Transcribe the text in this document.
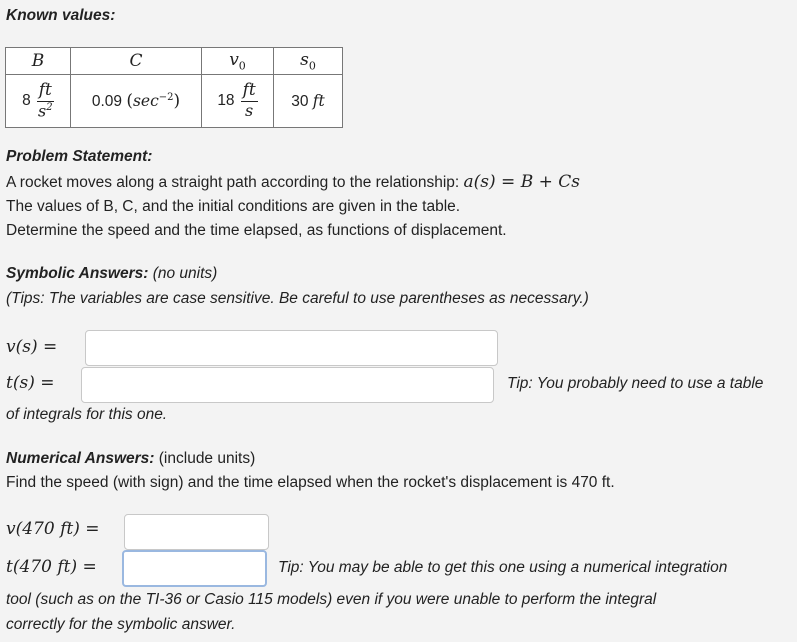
Known values:
B	C	$v_0$	$s_0$
$8 \frac{ft}{s^2}$	0.09 $(\sec^{-2})$	$18 \frac{ft}{s}$	30 ft
Problem Statement:
A rocket moves along a straight path according to the relationship: a(s) = B + Cs
The values of B, C, and the initial conditions are given in the table.
Determine the speed and the time elapsed, as functions of displacement.
Symbolic Answers: (no units)
(Tips: The variables are case sensitive. Be careful to use parentheses as necessary.)
v(s) =
t(s) =	Tip: You probably need to use a table
of integrals for this one.
Numerical Answers: (include units)
Find the speed (with sign) and the time elapsed when the rocket's displacement is 470 ft.
v(470 ft) =
t(470 ft) =	Tip: You may be able to get this one using a numerical integration
tool (such as on the TI-36 or Casio 115 models) even if you were unable to perform the integral
correctly for the symbolic answer.
